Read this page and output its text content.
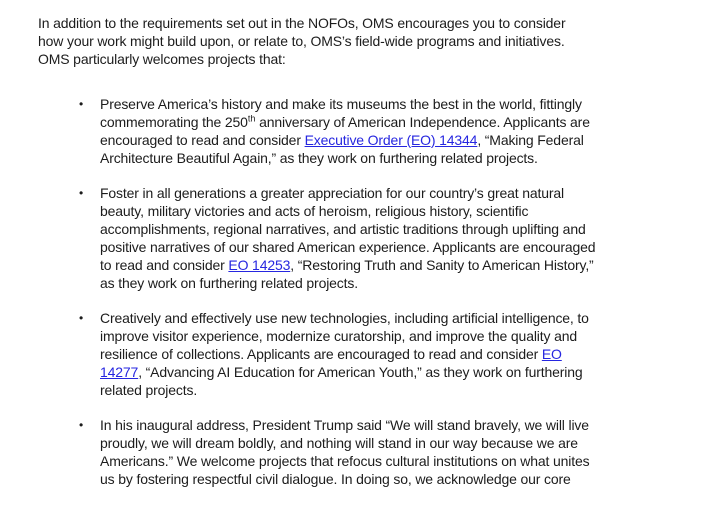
In addition to the requirements set out in the NOFOs, OMS encourages you to consider
how your work might build upon, or relate to, OMS’s field-wide programs and initiatives.
OMS particularly welcomes projects that:
•	Preserve America’s history and make its museums the best in the world, fittingly
commemorating the 250th anniversary of American Independence. Applicants are
encouraged to read and consider Executive Order (EO) 14344, “Making Federal
Architecture Beautiful Again,” as they work on furthering related projects.
•	Foster in all generations a greater appreciation for our country’s great natural
beauty, military victories and acts of heroism, religious history, scientific
accomplishments, regional narratives, and artistic traditions through uplifting and
positive narratives of our shared American experience. Applicants are encouraged
to read and consider EO 14253, “Restoring Truth and Sanity to American History,”
as they work on furthering related projects.
•	Creatively and effectively use new technologies, including artificial intelligence, to
improve visitor experience, modernize curatorship, and improve the quality and
resilience of collections. Applicants are encouraged to read and consider EO
14277, “Advancing AI Education for American Youth,” as they work on furthering
related projects.
•	In his inaugural address, President Trump said “We will stand bravely, we will live
proudly, we will dream boldly, and nothing will stand in our way because we are
Americans.” We welcome projects that refocus cultural institutions on what unites
us by fostering respectful civil dialogue. In doing so, we acknowledge our core
